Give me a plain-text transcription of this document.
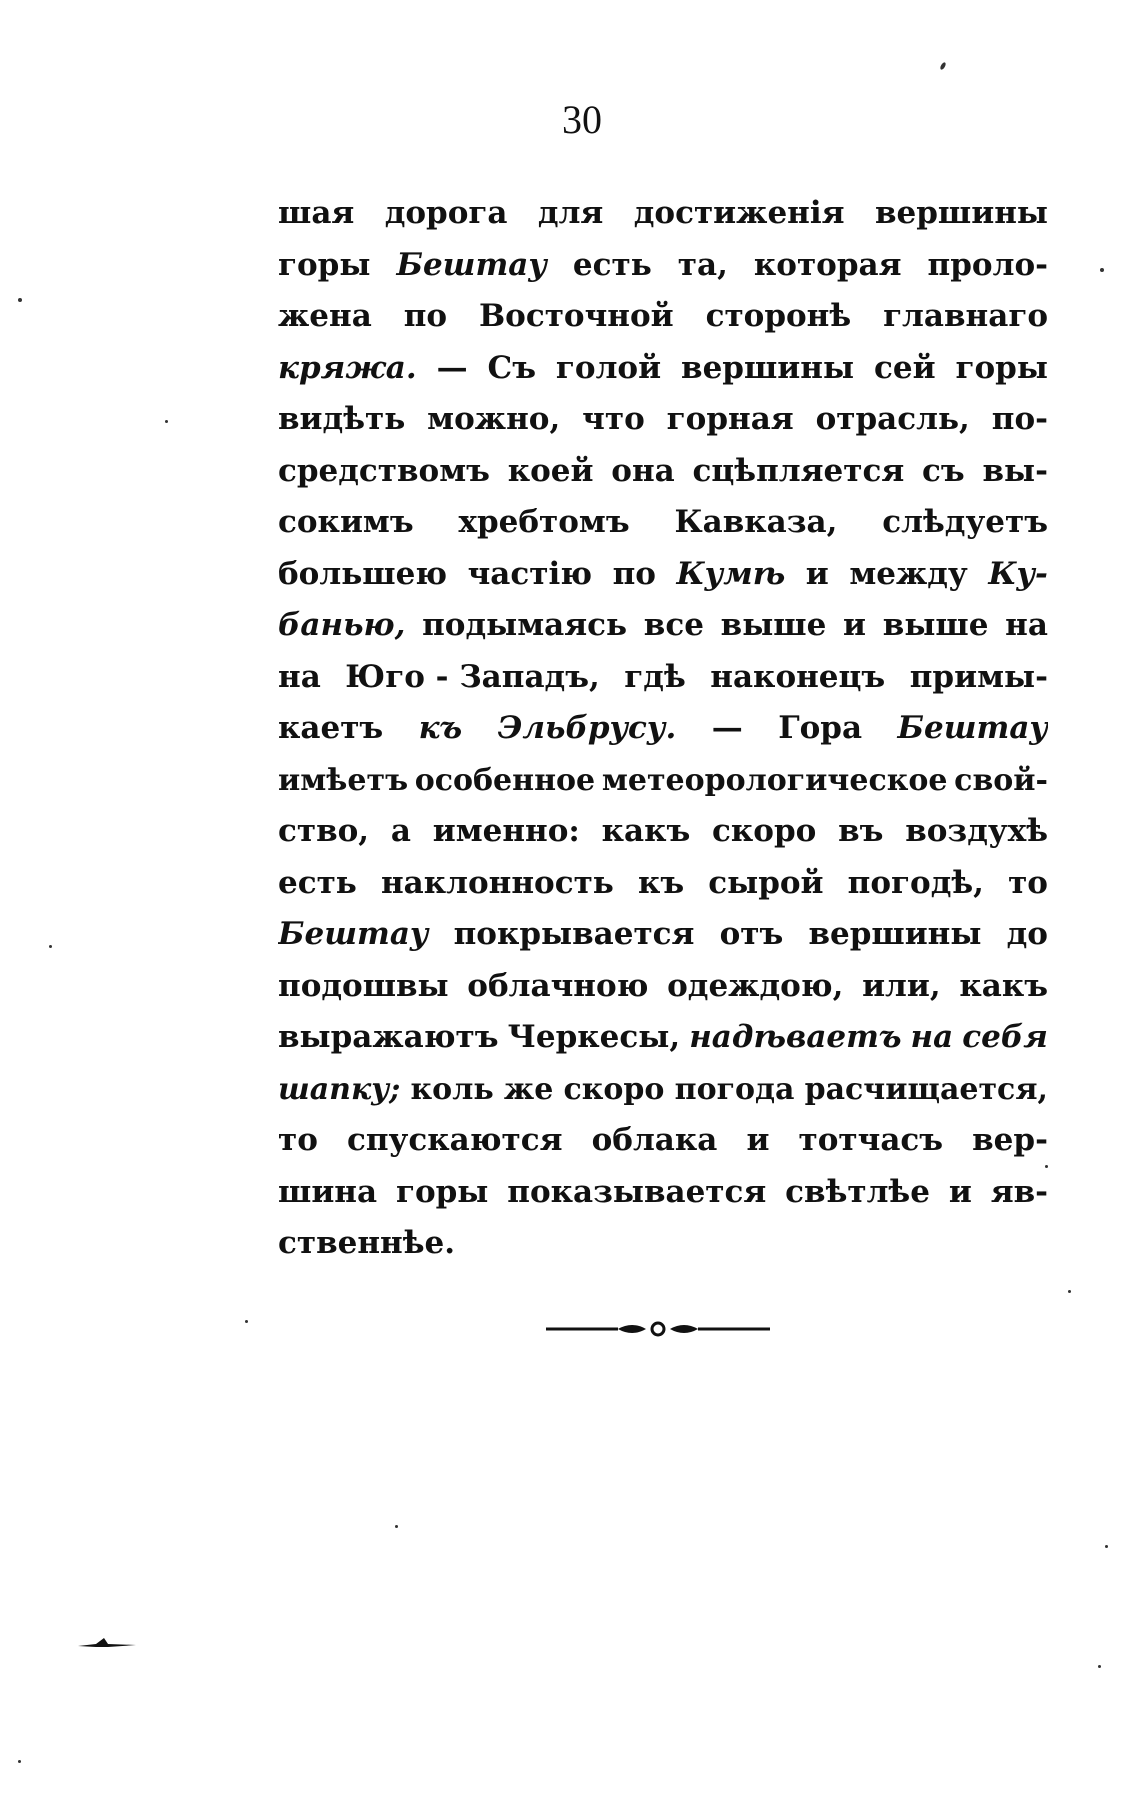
30
шая дорога для достиженія вершины
горы Бештау есть та, которая проло-
жена по Восточной сторонѣ главнаго
кряжа. — Съ голой вершины сей горы
видѣть можно, что горная отрасль, по-
средствомъ коей она сцѣпляется съ вы-
сокимъ хребтомъ Кавказа, слѣдуетъ
большею частію по Кумѣ и между Ку-
банью, подымаясь все выше и выше на
на Юго - Западъ, гдѣ наконецъ примы-
каетъ къ Эльбрусу. — Гора Бештау
имѣетъ особенное метеорологическое свой-
ство, а именно: какъ скоро въ воздухѣ
есть наклонность къ сырой погодѣ, то
Бештау покрывается отъ вершины до
подошвы облачною одеждою, или, какъ
выражаютъ Черкесы, надѣваетъ на себя
шапку; коль же скоро погода расчищается,
то спускаются облака и тотчасъ вер-
шина горы показывается свѣтлѣе и яв-
ственнѣе.
